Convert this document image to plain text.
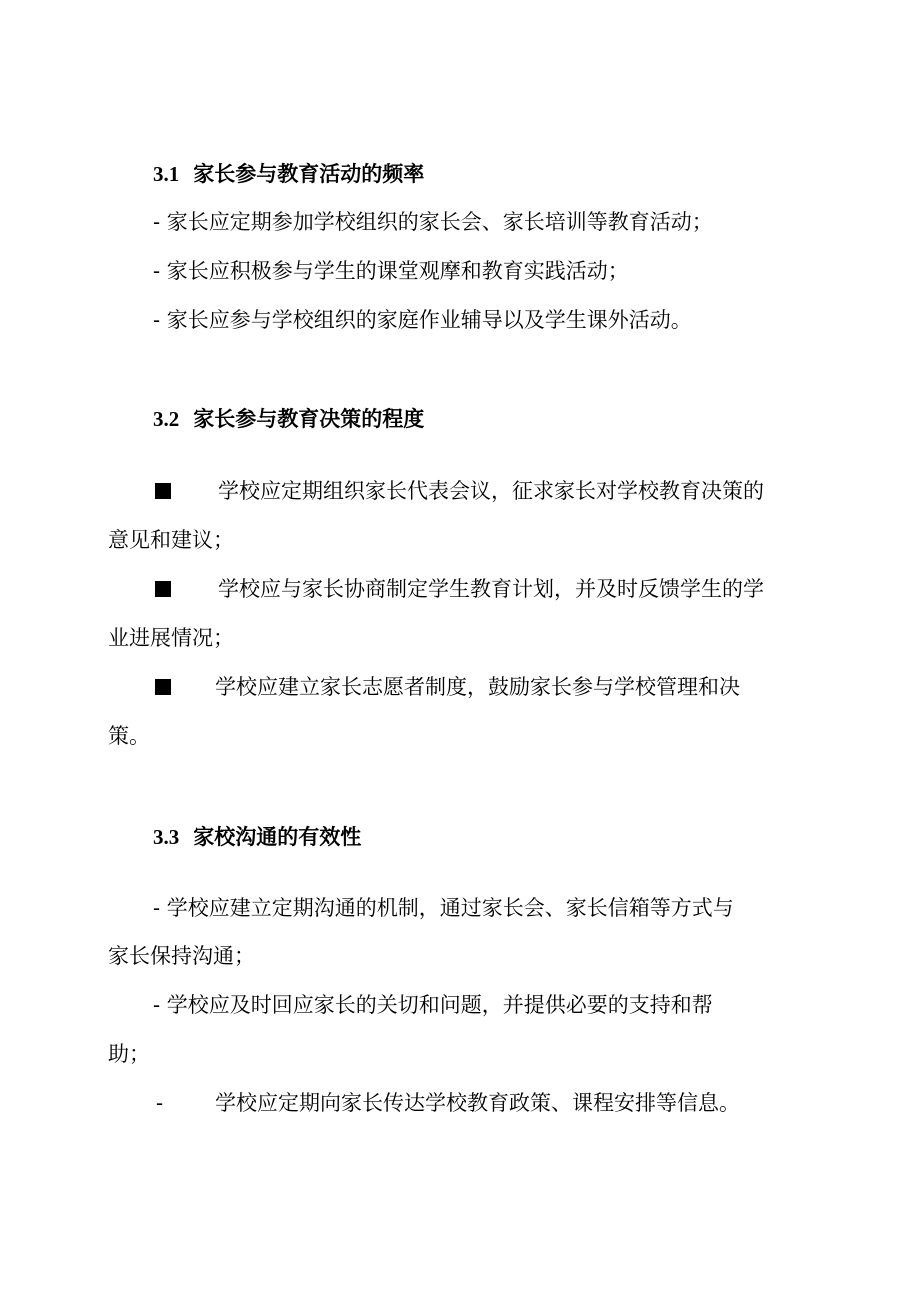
3.1 家长参与教育活动的频率
- 家长应定期参加学校组织的家长会、家长培训等教育活动；
- 家长应积极参与学生的课堂观摩和教育实践活动；
- 家长应参与学校组织的家庭作业辅导以及学生课外活动。
3.2 家长参与教育决策的程度
学校应定期组织家长代表会议，征求家长对学校教育决策的
意见和建议；
学校应与家长协商制定学生教育计划，并及时反馈学生的学
业进展情况；
学校应建立家长志愿者制度，鼓励家长参与学校管理和决
策。
3.3 家校沟通的有效性
- 学校应建立定期沟通的机制，通过家长会、家长信箱等方式与
家长保持沟通；
- 学校应及时回应家长的关切和问题，并提供必要的支持和帮
助；
- 学校应定期向家长传达学校教育政策、课程安排等信息。
